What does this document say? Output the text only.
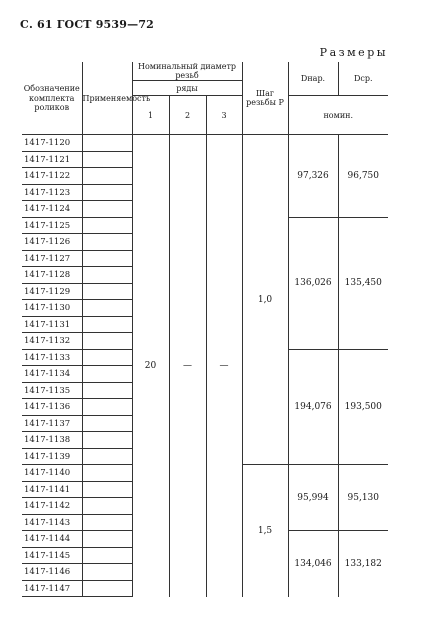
С. 61 ГОСТ 9539—72
Размеры
Обозначение комплекта роликов	Применяемость	Номинальный диаметр резьб			Шаг резьбы P	Dнар.	Dср.
		ряды					
		1	2	3		номин.	
1417-1120		20	—	—	1,0	97,326	96,750
1417-1121							
1417-1122							
1417-1123							
1417-1124							
1417-1125						136,026	135,450
1417-1126							
1417-1127							
1417-1128							
1417-1129							
1417-1130							
1417-1131							
1417-1132							
1417-1133						194,076	193,500
1417-1134							
1417-1135							
1417-1136							
1417-1137							
1417-1138							
1417-1139							
1417-1140					1,5	95,994	95,130
1417-1141							
1417-1142							
1417-1143							
1417-1144						134,046	133,182
1417-1145							
1417-1146							
1417-1147							
